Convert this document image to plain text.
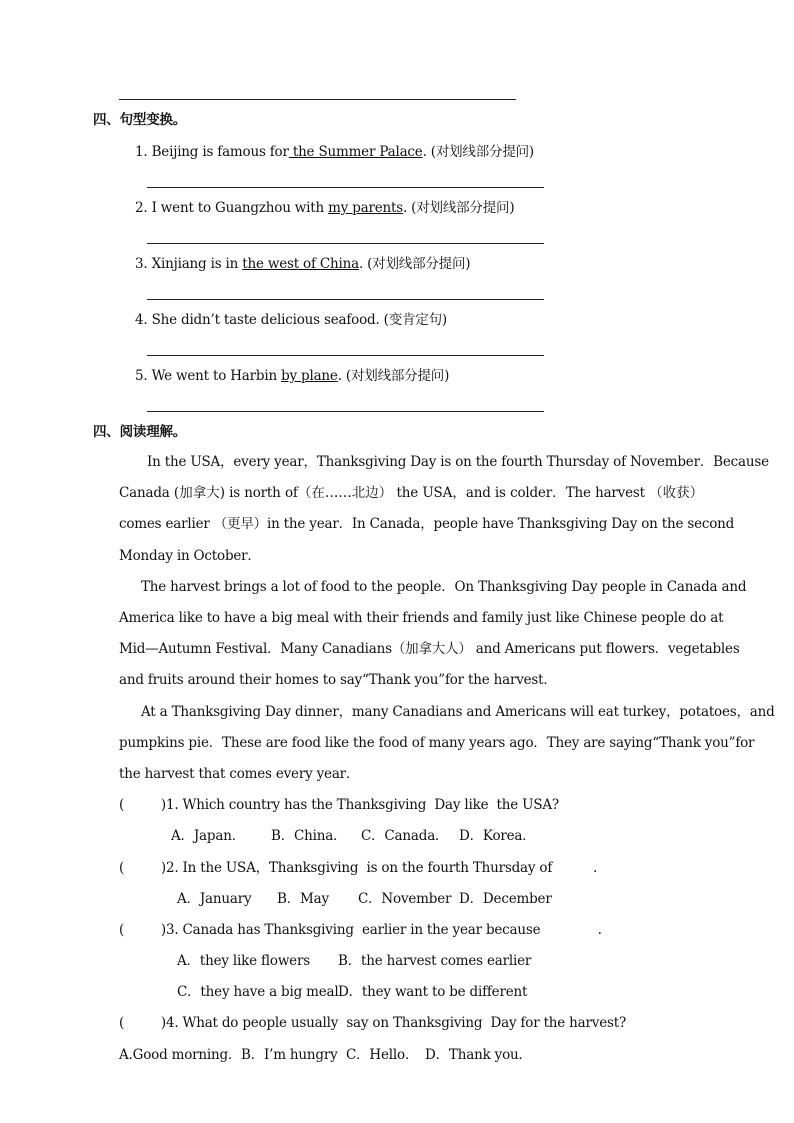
四、句型变换。
1. Beijing is famous for the Summer Palace. (对划线部分提问)
2. I went to Guangzhou with my parents. (对划线部分提问)
3. Xinjiang is in the west of China. (对划线部分提问)
4. She didn’t taste delicious seafood. (变肯定句)
5. We went to Harbin by plane. (对划线部分提问)
四、阅读理解。
In the USA，every year，Thanksgiving Day is on the fourth Thursday of November．Because
Canada (加拿大) is north of（在……北边） the USA，and is colder．The harvest （收获）
comes earlier （更早）in the year．In Canada，people have Thanksgiving Day on the second
Monday in October．
The harvest brings a lot of food to the people．On Thanksgiving Day people in Canada and
America like to have a big meal with their friends and family just like Chinese people do at
Mid—Autumn Festival．Many Canadians（加拿大人） and Americans put flowers．vegetables
and fruits around their homes to say“Thank you”for the harvest．
At a Thanksgiving Day dinner，many Canadians and Americans will eat turkey，potatoes，and
pumpkins pie．These are food like the food of many years ago．They are saying“Thank you”for
the harvest that comes every year．
(         )1. Which country has the Thanksgiving  Day like  the USA?
A．Japan． B．China． C．Canada． D．Korea．
(         )2. In the USA，Thanksgiving  is on the fourth Thursday of          .
A．January B．May C．November D．December
(         )3. Canada has Thanksgiving  earlier in the year because              .
A．they like flowers B．the harvest comes earlier
C．they have a big meal D．they want to be different
(         )4. What do people usually  say on Thanksgiving  Day for the harvest?
A.Good morning． B．I’m hungry C．Hello． D．Thank you．
